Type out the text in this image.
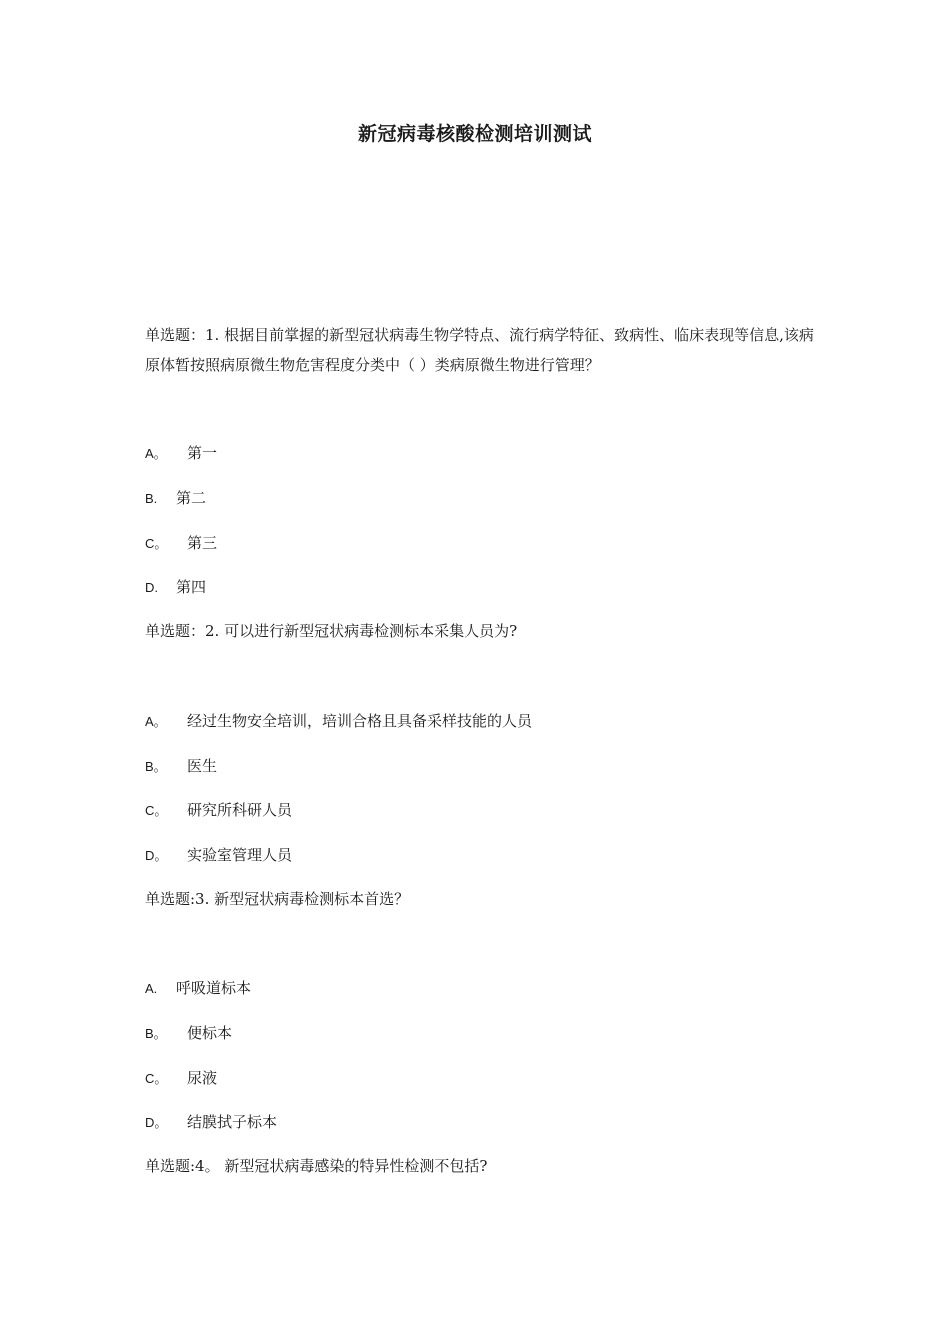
新冠病毒核酸检测培训测试

单选题：1. 根据目前掌握的新型冠状病毒生物学特点、流行病学特征、致病性、临床表现等信息,该病原体暂按照病原微生物危害程度分类中（ ）类病原微生物进行管理？

A。 第一
B. 第二
C。 第三
D. 第四

单选题：2. 可以进行新型冠状病毒检测标本采集人员为?

A。 经过生物安全培训，培训合格且具备采样技能的人员
B。 医生
C。 研究所科研人员
D。 实验室管理人员

单选题:3. 新型冠状病毒检测标本首选？

A. 呼吸道标本
B。 便标本
C。 尿液
D。 结膜拭子标本

单选题:4。 新型冠状病毒感染的特异性检测不包括?
